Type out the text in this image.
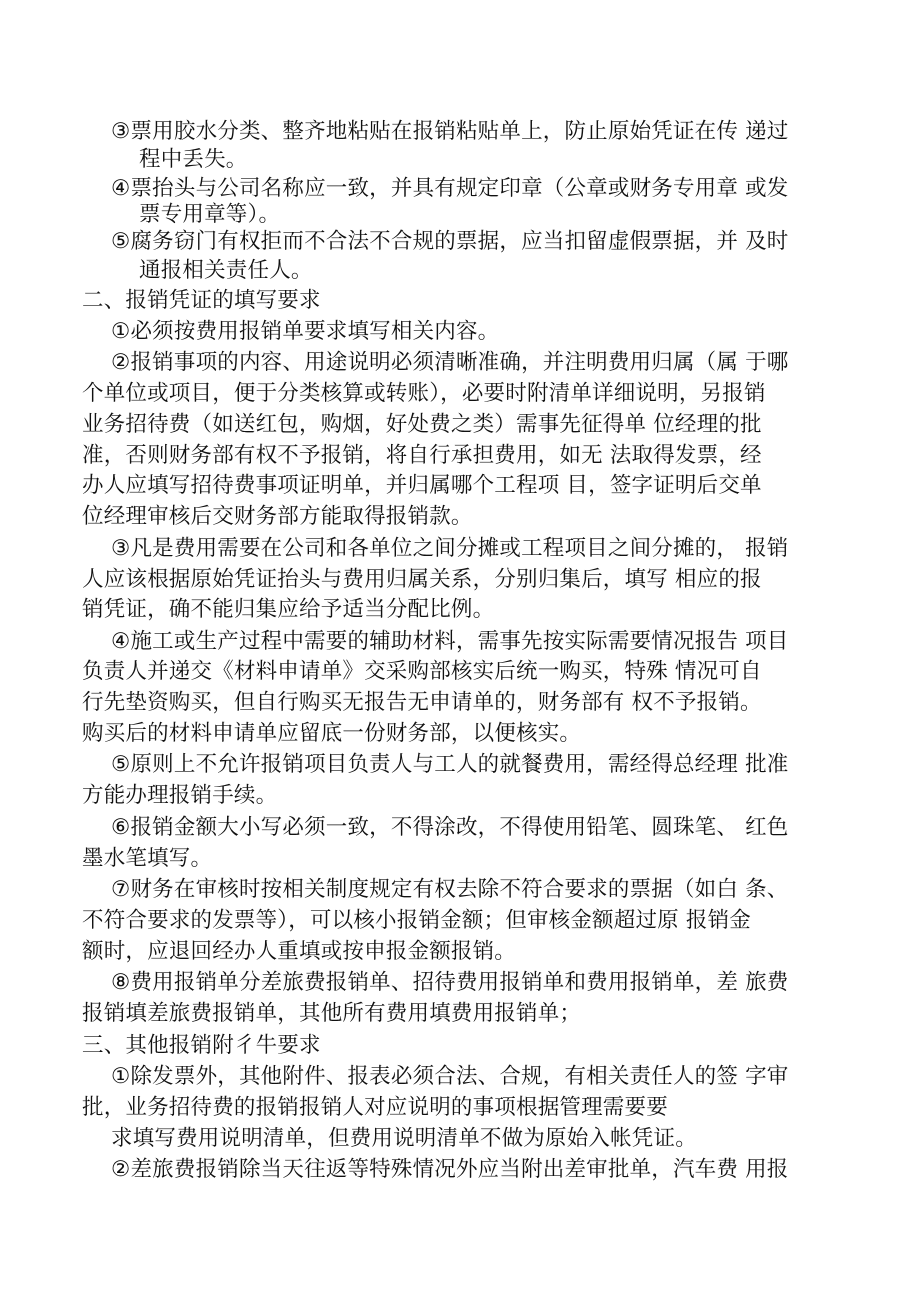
③票用胶水分类、整齐地粘贴在报销粘贴单上，防止原始凭证在传 递过
程中丢失。
④票抬头与公司名称应一致，并具有规定印章（公章或财务专用章 或发
票专用章等）。
⑤腐务窃门有权拒而不合法不合规的票据，应当扣留虚假票据，并 及时
通报相关责任人。
二、报销凭证的填写要求
①必须按费用报销单要求填写相关内容。
②报销事项的内容、用途说明必须清晰准确，并注明费用归属（属 于哪
个单位或项目，便于分类核算或转账），必要时附清单详细说明，另报销
业务招待费（如送红包，购烟，好处费之类）需事先征得单 位经理的批
准，否则财务部有权不予报销，将自行承担费用，如无 法取得发票，经
办人应填写招待费事项证明单，并归属哪个工程项 目，签字证明后交单
位经理审核后交财务部方能取得报销款。
③凡是费用需要在公司和各单位之间分摊或工程项目之间分摊的， 报销
人应该根据原始凭证抬头与费用归属关系，分别归集后，填写 相应的报
销凭证，确不能归集应给予适当分配比例。
④施工或生产过程中需要的辅助材料，需事先按实际需要情况报告 项目
负责人并递交《材料申请单》交采购部核实后统一购买，特殊 情况可自
行先垫资购买，但自行购买无报告无申请单的，财务部有 权不予报销。
购买后的材料申请单应留底一份财务部，以便核实。
⑤原则上不允许报销项目负责人与工人的就餐费用，需经得总经理 批准
方能办理报销手续。
⑥报销金额大小写必须一致，不得涂改，不得使用铅笔、圆珠笔、 红色
墨水笔填写。
⑦财务在审核时按相关制度规定有权去除不符合要求的票据（如白 条、
不符合要求的发票等），可以核小报销金额；但审核金额超过原 报销金
额时，应退回经办人重填或按申报金额报销。
⑧费用报销单分差旅费报销单、招待费用报销单和费用报销单，差 旅费
报销填差旅费报销单，其他所有费用填费用报销单；
三、其他报销附彳牛要求
①除发票外，其他附件、报表必须合法、合规，有相关责任人的签 字审
批，业务招待费的报销报销人对应说明的事项根据管理需要要
求填写费用说明清单，但费用说明清单不做为原始入帐凭证。
②差旅费报销除当天往返等特殊情况外应当附出差审批单，汽车费 用报
